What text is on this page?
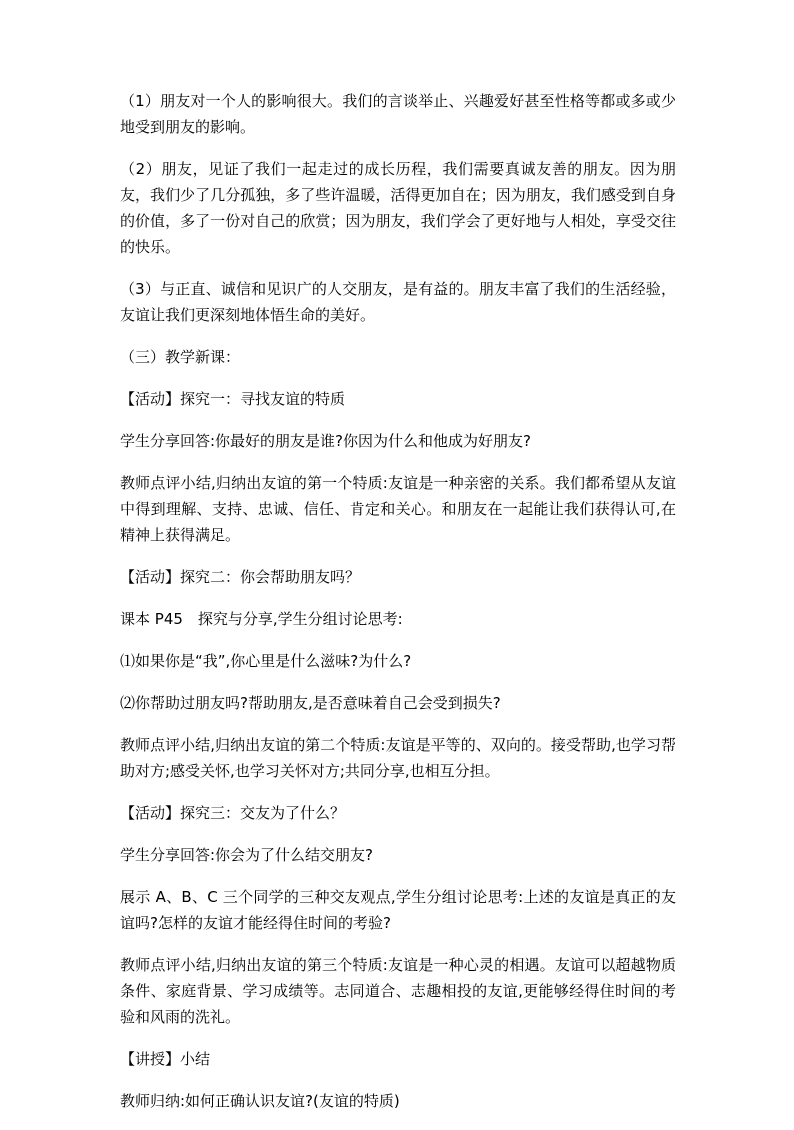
（1）朋友对一个人的影响很大。我们的言谈举止、兴趣爱好甚至性格等都或多或少地受到朋友的影响。

（2）朋友，见证了我们一起走过的成长历程，我们需要真诚友善的朋友。因为朋友，我们少了几分孤独，多了些许温暖，活得更加自在；因为朋友，我们感受到自身的价值，多了一份对自己的欣赏；因为朋友，我们学会了更好地与人相处，享受交往的快乐。

（3）与正直、诚信和见识广的人交朋友，是有益的。朋友丰富了我们的生活经验，友谊让我们更深刻地体悟生命的美好。

（三）教学新课：

【活动】探究一：寻找友谊的特质

学生分享回答:你最好的朋友是谁?你因为什么和他成为好朋友?

教师点评小结,归纳出友谊的第一个特质:友谊是一种亲密的关系。我们都希望从友谊中得到理解、支持、忠诚、信任、肯定和关心。和朋友在一起能让我们获得认可,在精神上获得满足。

【活动】探究二：你会帮助朋友吗？

课本 P45　探究与分享,学生分组讨论思考:

⑴如果你是“我”,你心里是什么滋味?为什么?

⑵你帮助过朋友吗?帮助朋友,是否意味着自己会受到损失?

教师点评小结,归纳出友谊的第二个特质:友谊是平等的、双向的。接受帮助,也学习帮助对方;感受关怀,也学习关怀对方;共同分享,也相互分担。

【活动】探究三：交友为了什么？

学生分享回答:你会为了什么结交朋友?

展示 A、B、C 三个同学的三种交友观点,学生分组讨论思考:上述的友谊是真正的友谊吗?怎样的友谊才能经得住时间的考验?

教师点评小结,归纳出友谊的第三个特质:友谊是一种心灵的相遇。友谊可以超越物质条件、家庭背景、学习成绩等。志同道合、志趣相投的友谊,更能够经得住时间的考验和风雨的洗礼。

【讲授】小结

教师归纳:如何正确认识友谊?(友谊的特质)
